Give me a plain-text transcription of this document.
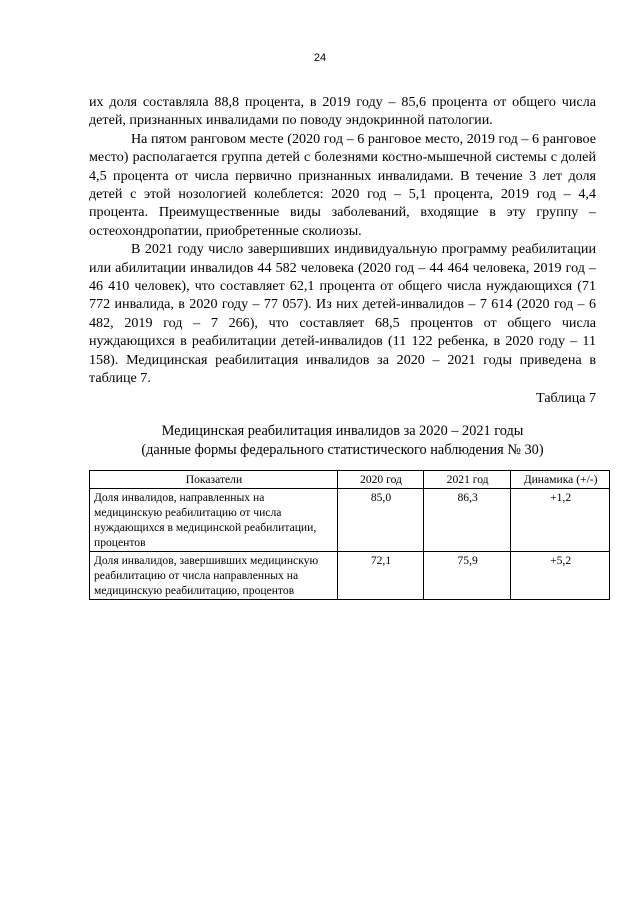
24

их доля составляла 88,8 процента, в 2019 году – 85,6 процента от общего числа детей, признанных инвалидами по поводу эндокринной патологии.

На пятом ранговом месте (2020 год – 6 ранговое место, 2019 год – 6 ранговое место) располагается группа детей с болезнями костно-мышечной системы с долей 4,5 процента от числа первично признанных инвалидами. В течение 3 лет доля детей с этой нозологией колеблется: 2020 год – 5,1 процента, 2019 год – 4,4 процента. Преимущественные виды заболеваний, входящие в эту группу – остеохондропатии, приобретенные сколиозы.

В 2021 году число завершивших индивидуальную программу реабилитации или абилитации инвалидов 44 582 человека (2020 год – 44 464 человека, 2019 год – 46 410 человек), что составляет 62,1 процента от общего числа нуждающихся (71 772 инвалида, в 2020 году – 77 057). Из них детей-инвалидов – 7 614 (2020 год – 6 482, 2019 год – 7 266), что составляет 68,5 процентов от общего числа нуждающихся в реабилитации детей-инвалидов (11 122 ребенка, в 2020 году – 11 158). Медицинская реабилитация инвалидов за 2020 – 2021 годы приведена в таблице 7.

Таблица 7
Медицинская реабилитация инвалидов за 2020 – 2021 годы
(данные формы федерального статистического наблюдения № 30)
Показатели	2020 год	2021 год	Динамика (+/-)
Доля инвалидов, направленных на медицинскую реабилитацию от числа нуждающихся в медицинской реабилитации, процентов	85,0	86,3	+1,2
Доля инвалидов, завершивших медицинскую реабилитацию от числа направленных на медицинскую реабилитацию, процентов	72,1	75,9	+5,2
